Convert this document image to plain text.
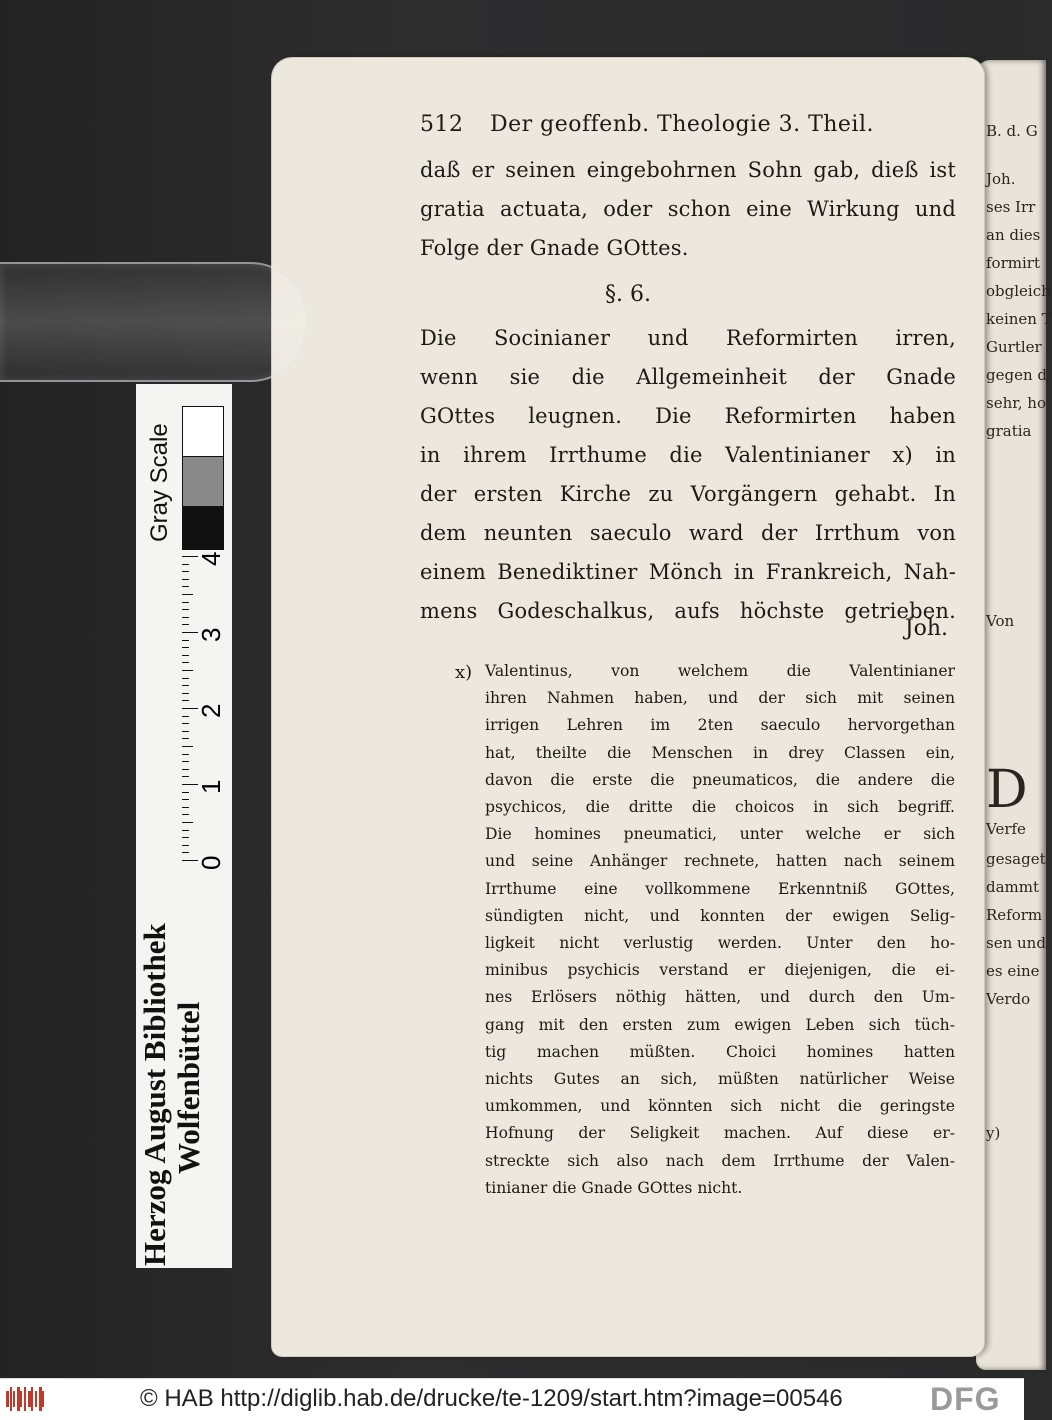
B. d. G
Joh.
ses Irr
an dies
formirt
obgleich
keinen T
Gurtler
gegen d
sehr, ho
gratia
Von
D
Verfe
gesaget
dammt
Reform
sen und
es eine
Verdo
y)
512 Der geoffenb. Theologie 3. Theil.
daß er seinen eingebohrnen Sohn gab, dieß ist
gratia actuata, oder schon eine Wirkung und
Folge der Gnade GOttes.
§. 6.
Die Socinianer und Reformirten irren,
wenn sie die Allgemeinheit der Gnade
GOttes leugnen. Die Reformirten haben
in ihrem Irrthume die Valentinianer x) in
der ersten Kirche zu Vorgängern gehabt. In
dem neunten saeculo ward der Irrthum von
einem Benediktiner Mönch in Frankreich, Nah-
mens Godeschalkus, aufs höchste getrieben.
Joh.
x) Valentinus, von welchem die Valentinianer
ihren Nahmen haben, und der sich mit seinen
irrigen Lehren im 2ten saeculo hervorgethan
hat, theilte die Menschen in drey Classen ein,
davon die erste die pneumaticos, die andere die
psychicos, die dritte die choicos in sich begriff.
Die homines pneumatici, unter welche er sich
und seine Anhänger rechnete, hatten nach seinem
Irrthume eine vollkommene Erkenntniß GOttes,
sündigten nicht, und konnten der ewigen Selig-
ligkeit nicht verlustig werden. Unter den ho-
minibus psychicis verstand er diejenigen, die ei-
nes Erlösers nöthig hätten, und durch den Um-
gang mit den ersten zum ewigen Leben sich tüch-
tig machen müßten. Choici homines hatten
nichts Gutes an sich, müßten natürlicher Weise
umkommen, und könnten sich nicht die geringste
Hofnung der Seligkeit machen. Auf diese er-
streckte sich also nach dem Irrthume der Valen-
tinianer die Gnade GOttes nicht.
Herzog August Bibliothek Wolfenbüttel
Gray Scale
0
1
2
3
4
© HAB http://diglib.hab.de/drucke/te-1209/start.htm?image=00546	DFG
